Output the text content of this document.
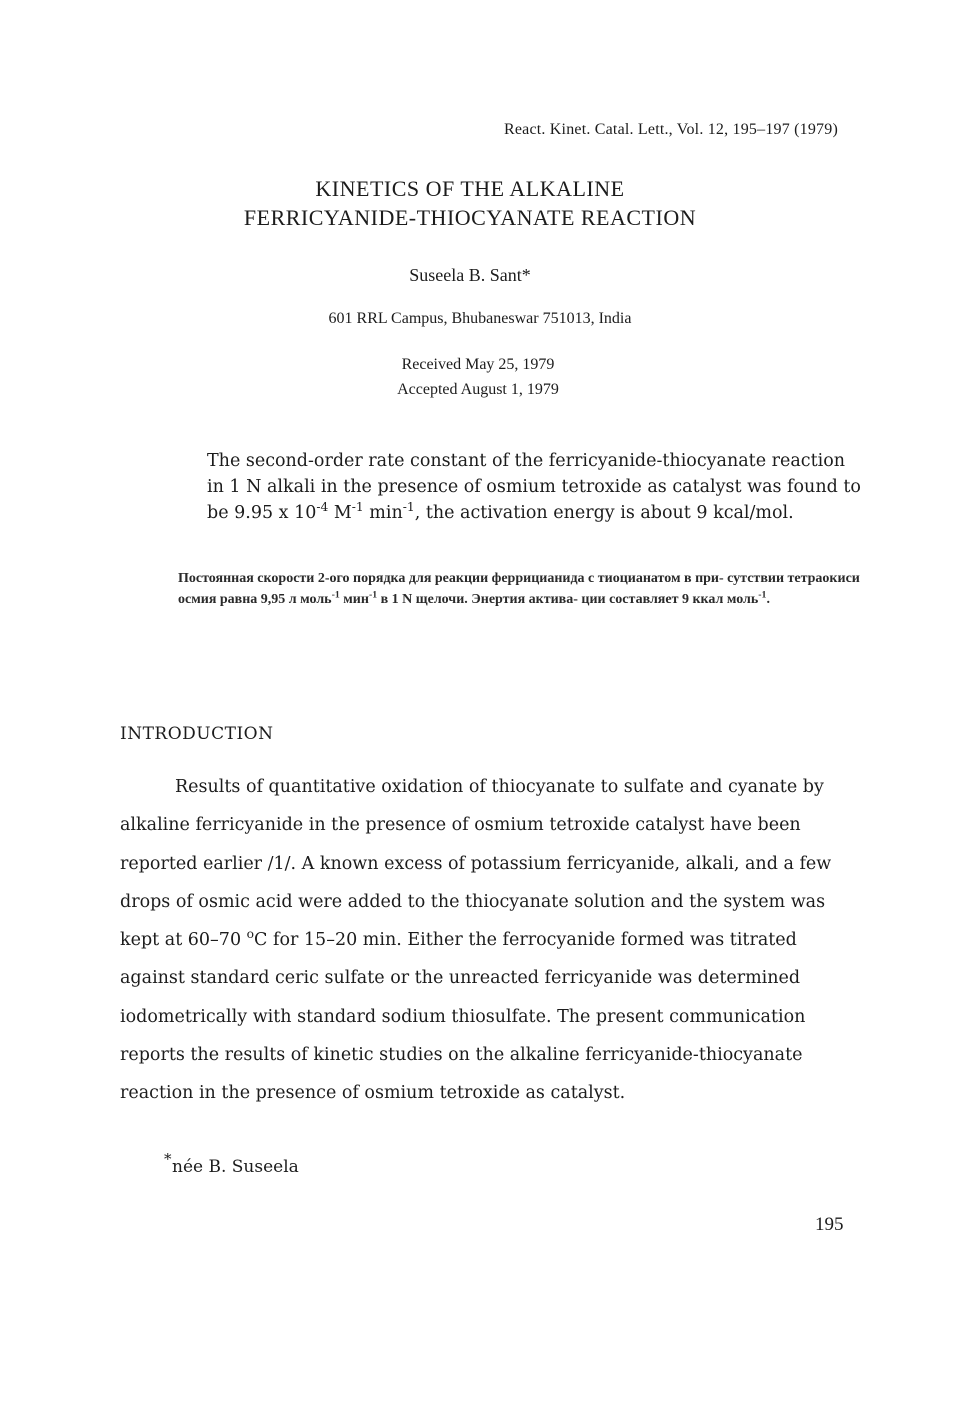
React. Kinet. Catal. Lett., Vol. 12, 195–197 (1979)
KINETICS OF THE ALKALINE
FERRICYANIDE-THIOCYANATE REACTION
Suseela B. Sant*
601 RRL Campus, Bhubaneswar 751013, India
Received May 25, 1979
Accepted August 1, 1979
The second-order rate constant of the ferricyanide-thiocyanate reaction in 1 N alkali in the presence of osmium tetroxide as catalyst was found to be 9.95 x $10^{-4}$ $M^{-1}$ $\min^{-1}$, the activation energy is about 9 kcal/mol.
Постоянная скорости 2-ого порядка для реакции феррицианида с тиоцианатом в при- сутствии тетраокиси осмия равна 9,95 л моль$^{-1}$ мин$^{-1}$ в 1 N щелочи. Энертия актива- ции составляет 9 ккал моль$^{-1}$.
INTRODUCTION
Results of quantitative oxidation of thiocyanate to sulfate and cyanate by alkaline ferricyanide in the presence of osmium tetroxide catalyst have been reported earlier /1/. A known excess of potassium ferricyanide, alkali, and a few drops of osmic acid were added to the thiocyanate solution and the system was kept at 60–70 $^o$C for 15–20 min. Either the ferrocyanide formed was titrated against standard ceric sulfate or the unreacted ferricyanide was determined iodometrically with standard sodium thiosulfate. The present communication reports the results of kinetic studies on the alkaline ferricyanide-thiocyanate reaction in the presence of osmium tetroxide as catalyst.
* née B. Suseela
195
